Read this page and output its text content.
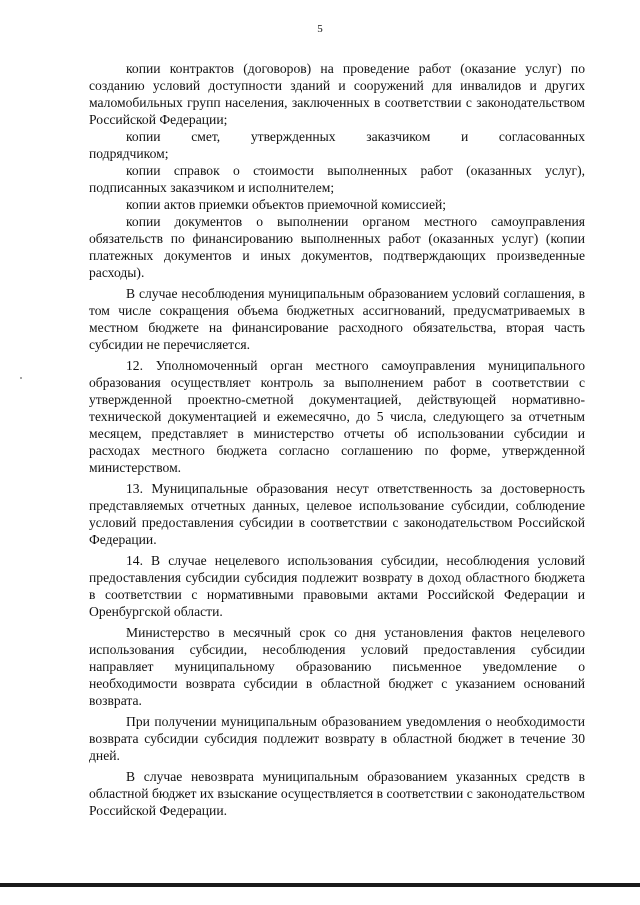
5

копии контрактов (договоров) на проведение работ (оказание услуг) по созданию условий доступности зданий и сооружений для инвалидов и других маломобильных групп населения, заключенных в соответствии с законодательством Российской Федерации;

копии смет, утвержденных заказчиком и согласованных

подрядчиком;

копии справок о стоимости выполненных работ (оказанных услуг), подписанных заказчиком и исполнителем;

копии актов приемки объектов приемочной комиссией;

копии документов о выполнении органом местного самоуправления обязательств по финансированию выполненных работ (оказанных услуг) (копии платежных документов и иных документов, подтверждающих произведенные расходы).

В случае несоблюдения муниципальным образованием условий соглашения, в том числе сокращения объема бюджетных ассигнований, предусматриваемых в местном бюджете на финансирование расходного обязательства, вторая часть субсидии не перечисляется.

12. Уполномоченный орган местного самоуправления муниципального образования осуществляет контроль за выполнением работ в соответствии с утвержденной проектно-сметной документацией, действующей нормативно-технической документацией и ежемесячно, до 5 числа, следующего за отчетным месяцем, представляет в министерство отчеты об использовании субсидии и расходах местного бюджета согласно соглашению по форме, утвержденной министерством.

13. Муниципальные образования несут ответственность за достоверность представляемых отчетных данных, целевое использование субсидии, соблюдение условий предоставления субсидии в соответствии с законодательством Российской Федерации.

14. В случае нецелевого использования субсидии, несоблюдения условий предоставления субсидии субсидия подлежит возврату в доход областного бюджета в соответствии с нормативными правовыми актами Российской Федерации и Оренбургской области.

Министерство в месячный срок со дня установления фактов нецелевого использования субсидии, несоблюдения условий предоставления субсидии направляет муниципальному образованию письменное уведомление о необходимости возврата субсидии в областной бюджет с указанием оснований возврата.

При получении муниципальным образованием уведомления о необходимости возврата субсидии субсидия подлежит возврату в областной бюджет в течение 30 дней.

В случае невозврата муниципальным образованием указанных средств в областной бюджет их взыскание осуществляется в соответствии с законодательством Российской Федерации.
